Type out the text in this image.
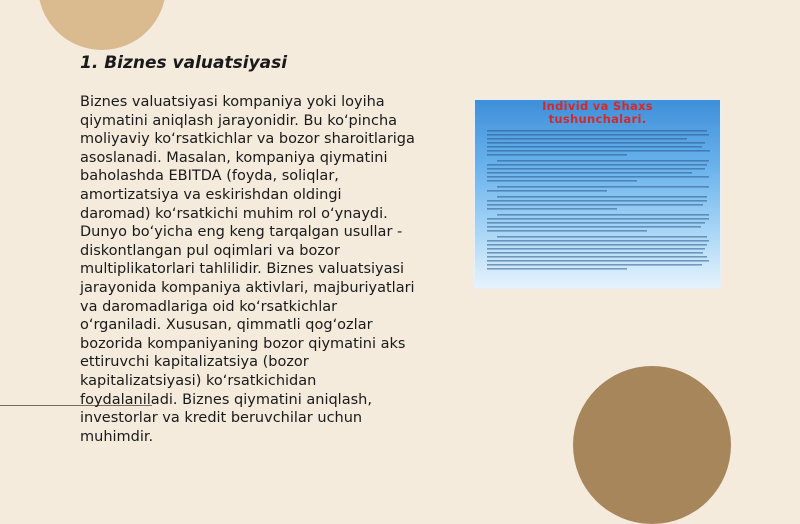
1. Biznes valuatsiyasi

Biznes valuatsiyasi kompaniya yoki loyiha qiymatini aniqlash jarayonidir. Bu ko‘pincha moliyaviy ko‘rsatkichlar va bozor sharoitlariga asoslanadi. Masalan, kompaniya qiymatini baholashda EBITDA (foyda, soliqlar, amortizatsiya va eskirishdan oldingi daromad) ko‘rsatkichi muhim rol o‘ynaydi. Dunyo bo‘yicha eng keng tarqalgan usullar - diskontlangan pul oqimlari va bozor multiplikatorlari tahlilidir. Biznes valuatsiyasi jarayonida kompaniya aktivlari, majburiyatlari va daromadlariga oid ko‘rsatkichlar o‘rganiladi. Xususan, qimmatli qog‘ozlar bozorida kompaniyaning bozor qiymatini aks ettiruvchi kapitalizatsiya (bozor kapitalizatsiyasi) ko‘rsatkichidan foydalaniladi. Biznes qiymatini aniqlash, investorlar va kredit beruvchilar uchun muhimdir.

Individ va Shaxs
tushunchalari.
